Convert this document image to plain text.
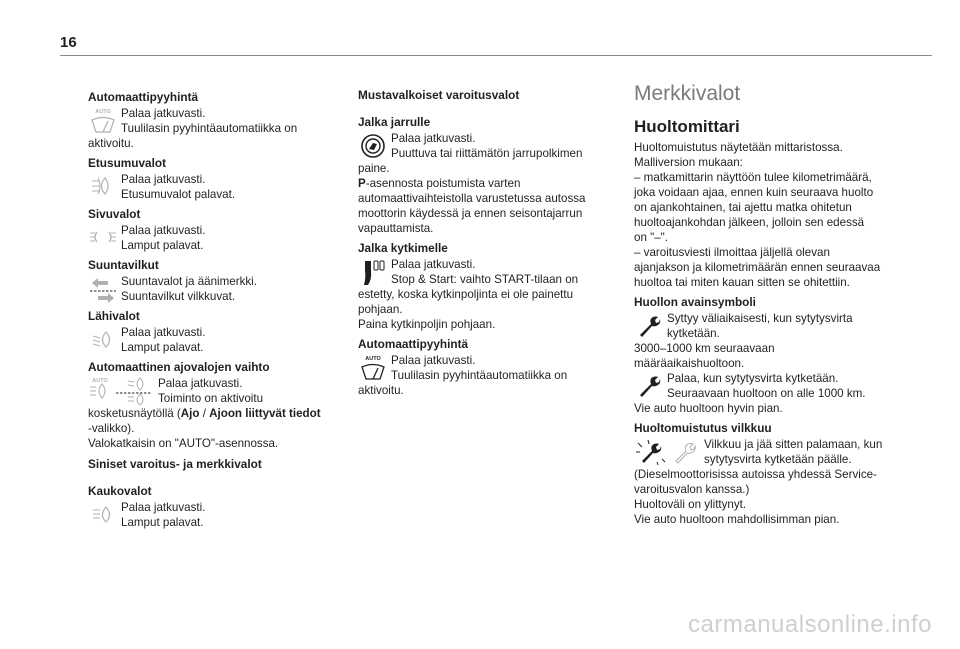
16
Automaattipyyhintä
AUTO Palaa jatkuvasti.
Tuulilasin pyyhintäautomatiikka on
aktivoitu.
Etusumuvalot
Palaa jatkuvasti.
Etusumuvalot palavat.
Sivuvalot
Palaa jatkuvasti.
Lamput palavat.
Suuntavilkut
Suuntavalot ja äänimerkki.
Suuntavilkut vilkkuvat.
Lähivalot
Palaa jatkuvasti.
Lamput palavat.
Automaattinen ajovalojen vaihto
AUTO	Palaa jatkuvasti.
Toiminto on aktivoitu
kosketusnäytöllä (Ajo / Ajoon liittyvät tiedot
-valikko).
Valokatkaisin on "AUTO"-asennossa.
Siniset varoitus- ja merkkivalot
Kaukovalot
Palaa jatkuvasti.
Lamput palavat.
Mustavalkoiset varoitusvalot
Jalka jarrulle
Palaa jatkuvasti.
Puuttuva tai riittämätön jarrupolkimen
paine.
P-asennosta poistumista varten
automaattivaihteistolla varustetussa autossa
moottorin käydessä ja ennen seisontajarrun
vapauttamista.
Jalka kytkimelle
Palaa jatkuvasti.
Stop & Start: vaihto START-tilaan on
estetty, koska kytkinpoljinta ei ole painettu
pohjaan.
Paina kytkinpoljin pohjaan.
Automaattipyyhintä
AUTO Palaa jatkuvasti.
Tuulilasin pyyhintäautomatiikka on
aktivoitu.
Merkkivalot
Huoltomittari
Huoltomuistutus näytetään mittaristossa.
Malliversion mukaan:
– matkamittarin näyttöön tulee kilometrimäärä,
joka voidaan ajaa, ennen kuin seuraava huolto
on ajankohtainen, tai ajettu matka ohitetun
huoltoajankohdan jälkeen, jolloin sen edessä
on "–".
– varoitusviesti ilmoittaa jäljellä olevan
ajanjakson ja kilometrimäärän ennen seuraavaa
huoltoa tai miten kauan sitten se ohitettiin.
Huollon avainsymboli
Syttyy väliaikaisesti, kun sytytysvirta
kytketään.
3000–1000 km seuraavaan
määräaikaishuoltoon.
Palaa, kun sytytysvirta kytketään.
Seuraavaan huoltoon on alle 1000 km.
Vie auto huoltoon hyvin pian.
Huoltomuistutus vilkkuu
Vilkkuu ja jää sitten palamaan, kun
sytytysvirta kytketään päälle.
(Dieselmoottorisissa autoissa yhdessä Service-
varoitusvalon kanssa.)
Huoltoväli on ylittynyt.
Vie auto huoltoon mahdollisimman pian.
carmanualsonline.info
